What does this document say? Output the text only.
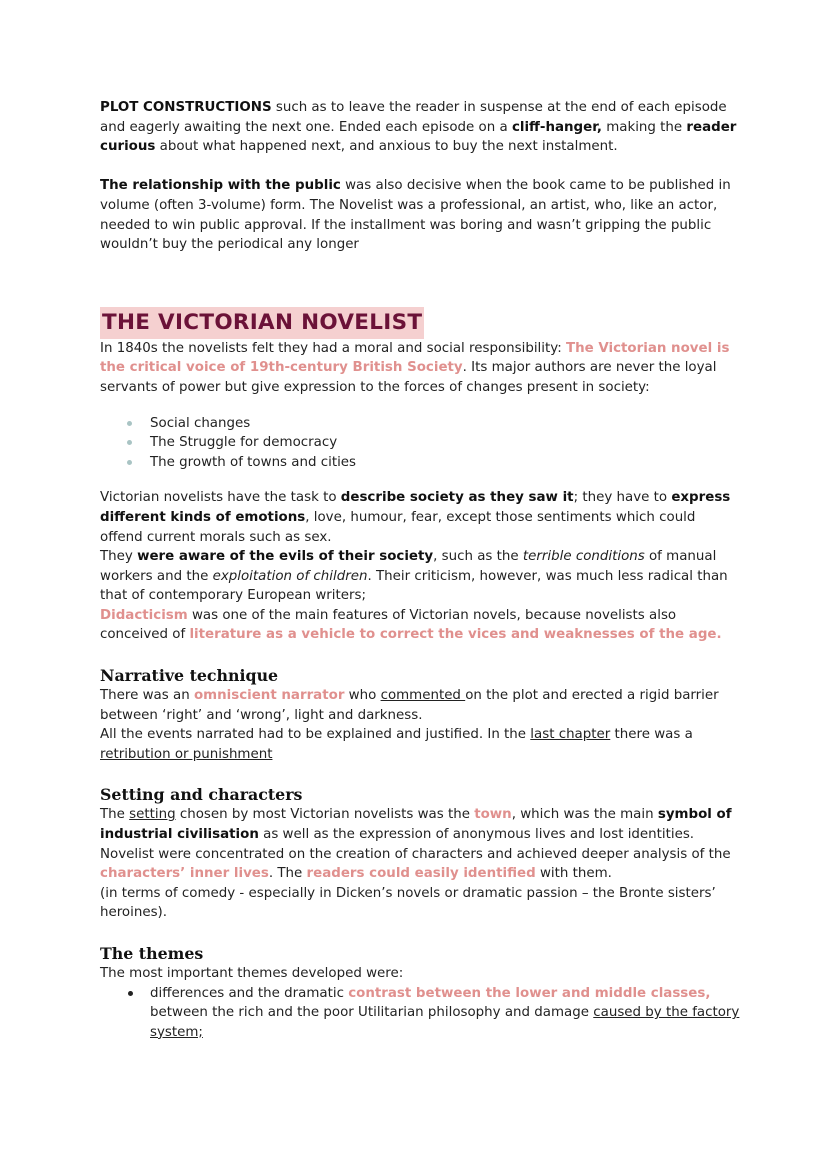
PLOT CONSTRUCTIONS such as to leave the reader in suspense at the end of each episode and eagerly awaiting the next one. Ended each episode on a cliff-hanger, making the reader curious about what happened next, and anxious to buy the next instalment.

The relationship with the public was also decisive when the book came to be published in volume (often 3-volume) form. The Novelist was a professional, an artist, who, like an actor, needed to win public approval. If the installment was boring and wasn’t gripping the public wouldn’t buy the periodical any longer

THE VICTORIAN NOVELIST

In 1840s the novelists felt they had a moral and social responsibility: The Victorian novel is the critical voice of 19th-century British Society. Its major authors are never the loyal servants of power but give expression to the forces of changes present in society:

Social changes
The Struggle for democracy
The growth of towns and cities

Victorian novelists have the task to describe society as they saw it; they have to express different kinds of emotions, love, humour, fear, except those sentiments which could offend current morals such as sex.

They were aware of the evils of their society, such as the terrible conditions of manual workers and the exploitation of children. Their criticism, however, was much less radical than that of contemporary European writers;

Didacticism was one of the main features of Victorian novels, because novelists also conceived of literature as a vehicle to correct the vices and weaknesses of the age.

Narrative technique

There was an omniscient narrator who commented on the plot and erected a rigid barrier between ‘right’ and ‘wrong’, light and darkness.

All the events narrated had to be explained and justified. In the last chapter there was a retribution or punishment

Setting and characters

The setting chosen by most Victorian novelists was the town, which was the main symbol of industrial civilisation as well as the expression of anonymous lives and lost identities.

Novelist were concentrated on the creation of characters and achieved deeper analysis of the characters’ inner lives. The readers could easily identified with them.

(in terms of comedy - especially in Dicken’s novels or dramatic passion – the Bronte sisters’ heroines).

The themes

The most important themes developed were:

differences and the dramatic contrast between the lower and middle classes, between the rich and the poor Utilitarian philosophy and damage caused by the factory system;
